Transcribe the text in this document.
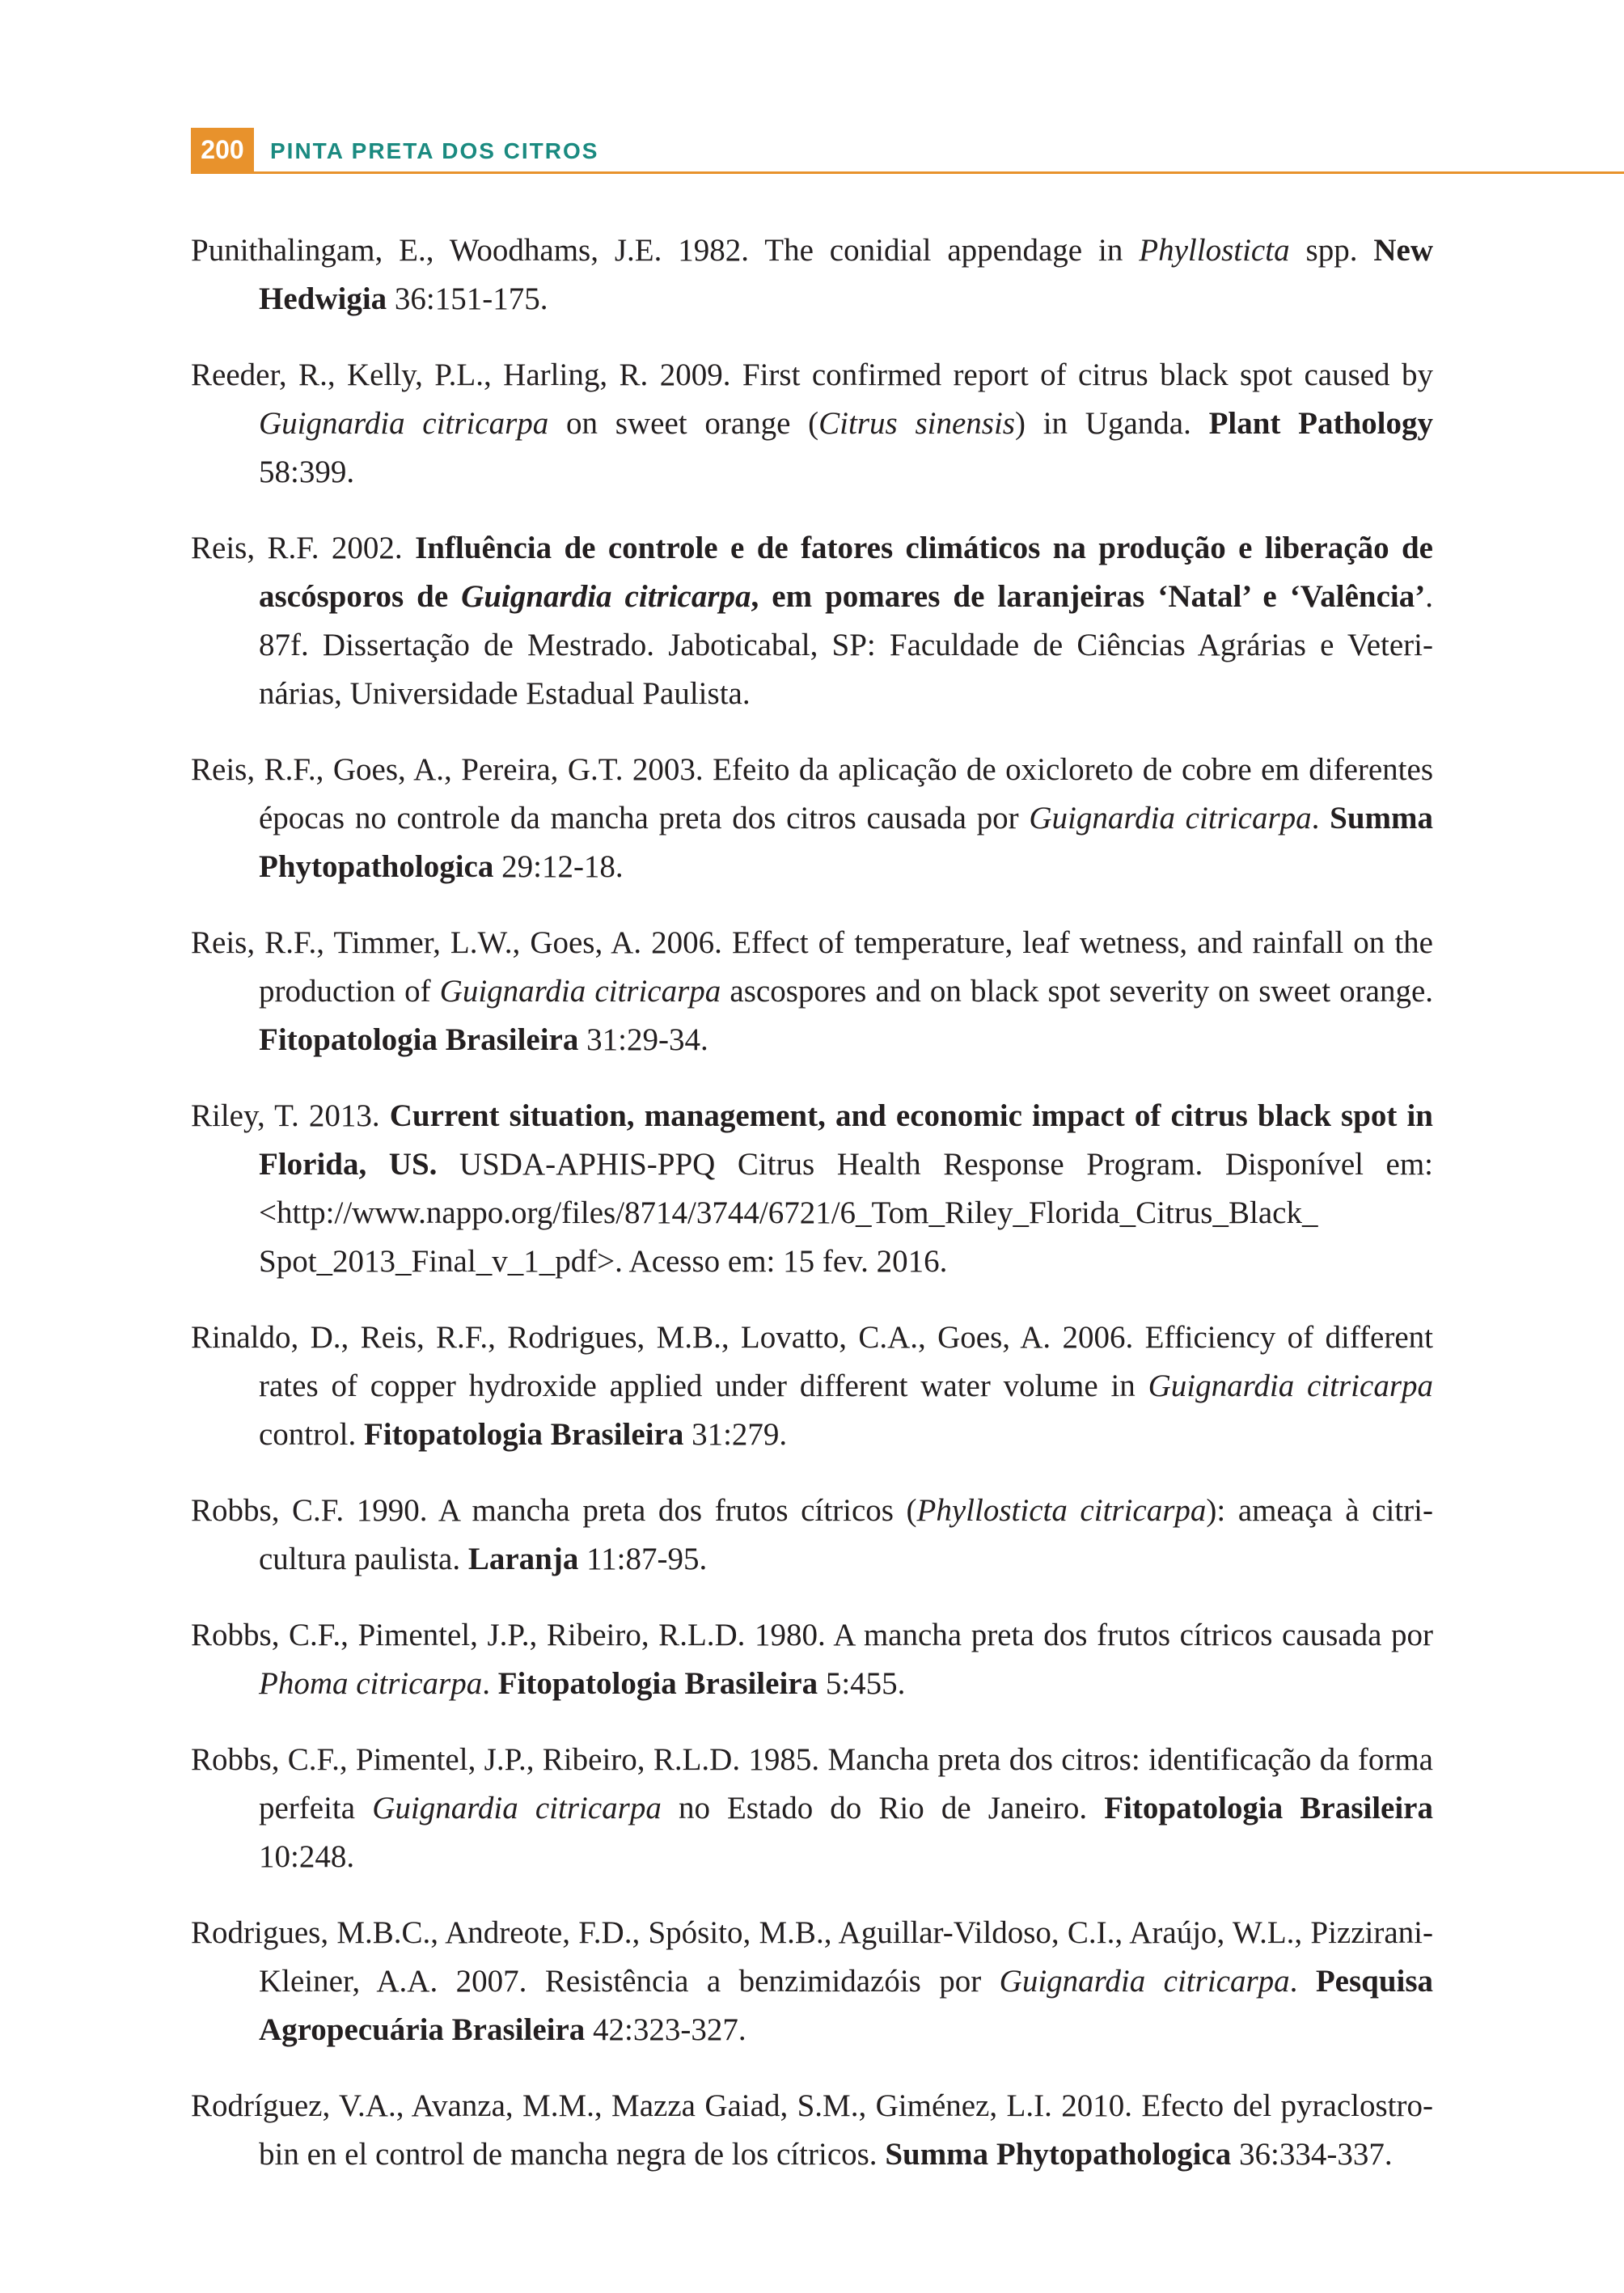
200	PINTA PRETA DOS CITROS

Punithalingam, E., Woodhams, J.E. 1982. The conidial appendage in Phyllosticta spp. New Hedwigia 36:151-175.

Reeder, R., Kelly, P.L., Harling, R. 2009. First confirmed report of citrus black spot caused by Guignardia citricarpa on sweet orange (Citrus sinensis) in Uganda. Plant Pathology 58:399.

Reis, R.F. 2002. Influência de controle e de fatores climáticos na produção e liberação de ascósporos de Guignardia citricarpa, em pomares de laranjeiras ‘Natal’ e ‘Valência’. 87f. Dissertação de Mestrado. Jaboticabal, SP: Faculdade de Ciências Agrárias e Veterinárias, Universidade Estadual Paulista.

Reis, R.F., Goes, A., Pereira, G.T. 2003. Efeito da aplicação de oxicloreto de cobre em diferentes épocas no controle da mancha preta dos citros causada por Guignardia citricarpa. Summa Phytopathologica 29:12-18.

Reis, R.F., Timmer, L.W., Goes, A. 2006. Effect of temperature, leaf wetness, and rainfall on the production of Guignardia citricarpa ascospores and on black spot severity on sweet orange. Fitopatologia Brasileira 31:29-34.

Riley, T. 2013. Current situation, management, and economic impact of citrus black spot in Florida, US. USDA-APHIS-PPQ Citrus Health Response Program. Disponível em: <http://www.nappo.org/files/8714/3744/6721/6_Tom_Riley_Florida_Citrus_Black_​Spot_2013_Final_v_1_pdf>. Acesso em: 15 fev. 2016.

Rinaldo, D., Reis, R.F., Rodrigues, M.B., Lovatto, C.A., Goes, A. 2006. Efficiency of different rates of copper hydroxide applied under different water volume in Guignardia citricarpa control. Fitopatologia Brasileira 31:279.

Robbs, C.F. 1990. A mancha preta dos frutos cítricos (Phyllosticta citricarpa): ameaça à citricultura paulista. Laranja 11:87-95.

Robbs, C.F., Pimentel, J.P., Ribeiro, R.L.D. 1980. A mancha preta dos frutos cítricos causada por Phoma citricarpa. Fitopatologia Brasileira 5:455.

Robbs, C.F., Pimentel, J.P., Ribeiro, R.L.D. 1985. Mancha preta dos citros: identificação da forma perfeita Guignardia citricarpa no Estado do Rio de Janeiro. Fitopatologia Brasileira 10:248.

Rodrigues, M.B.C., Andreote, F.D., Spósito, M.B., Aguillar-Vildoso, C.I., Araújo, W.L., Pizzirani-Kleiner, A.A. 2007. Resistência a benzimidazóis por Guignardia citricarpa. Pesquisa Agropecuária Brasileira 42:323-327.

Rodríguez, V.A., Avanza, M.M., Mazza Gaiad, S.M., Giménez, L.I. 2010. Efecto del pyraclostrobin en el control de mancha negra de los cítricos. Summa Phytopathologica 36:334-337.
